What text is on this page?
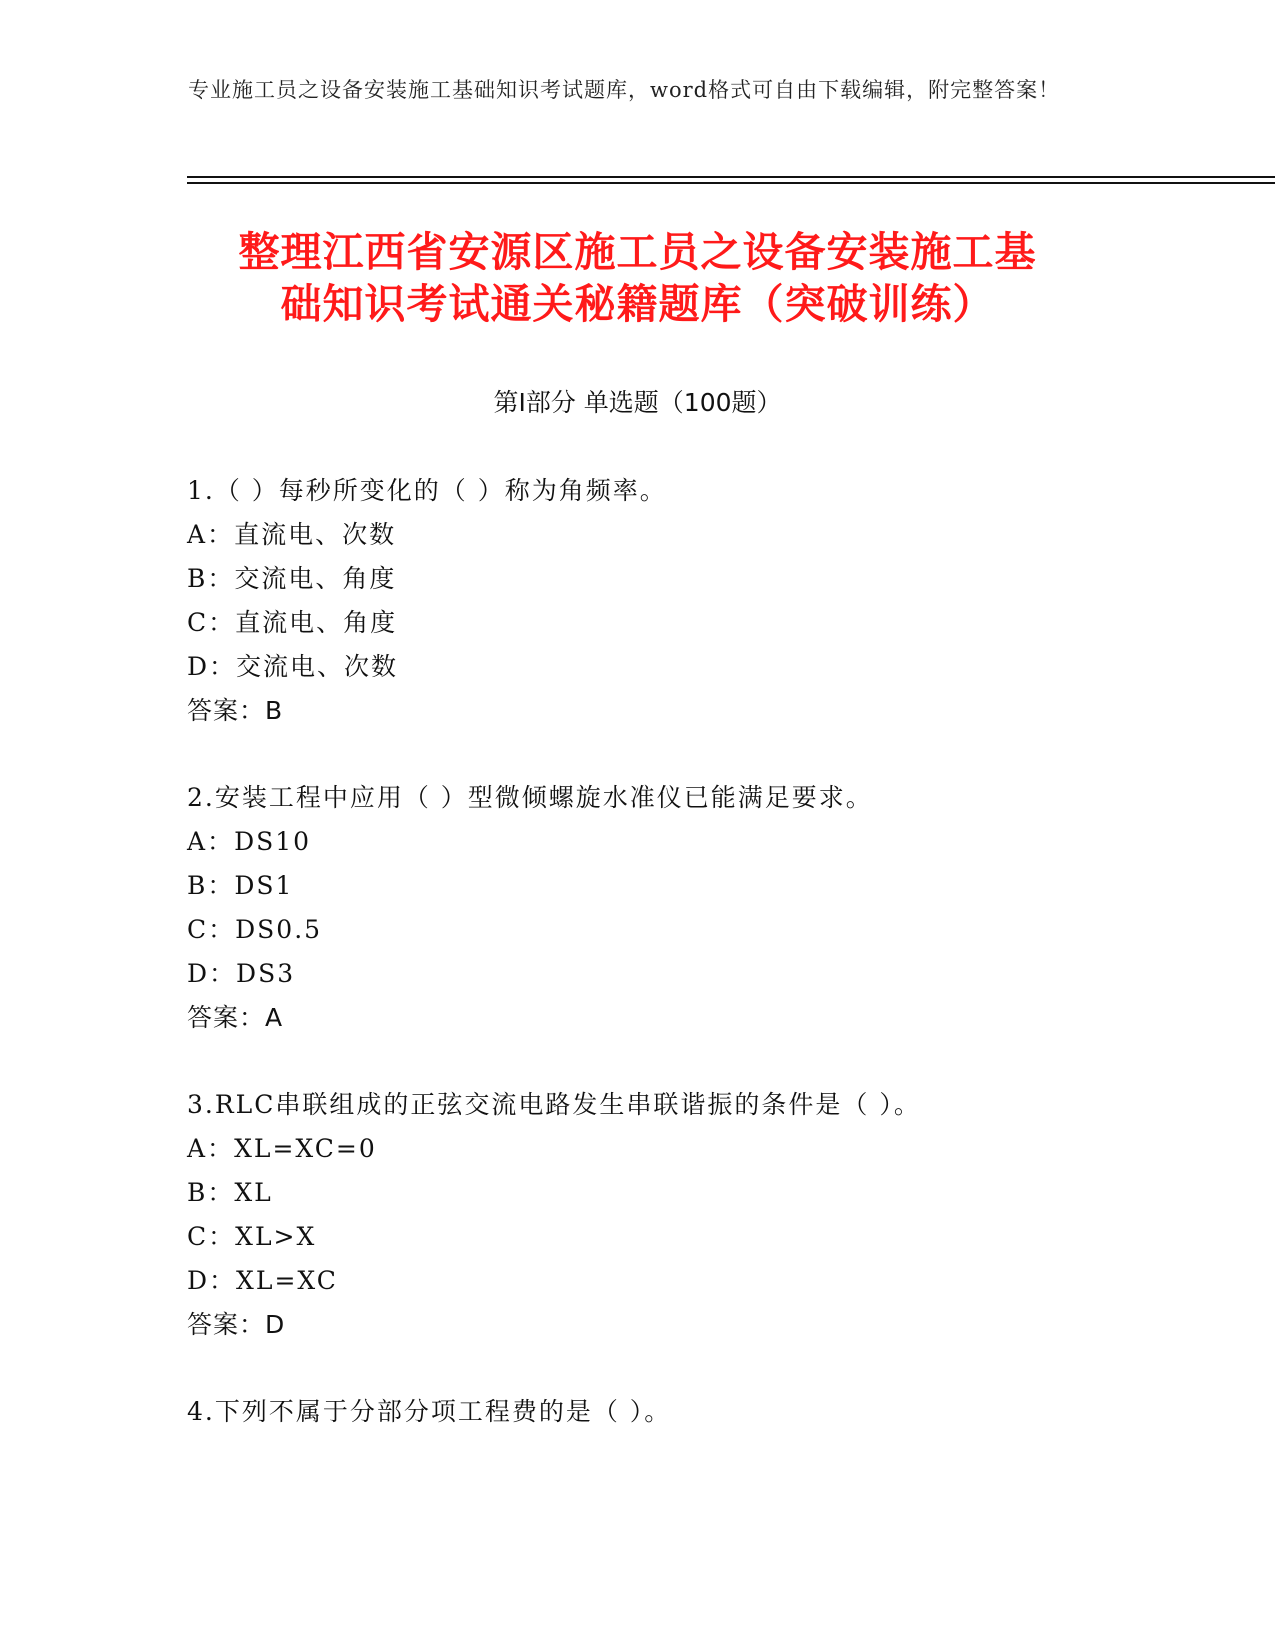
专业施工员之设备安装施工基础知识考试题库，word格式可自由下载编辑，附完整答案！
整理江西省安源区施工员之设备安装施工基
础知识考试通关秘籍题库（突破训练）
第Ⅰ部分 单选题（100题）
1.（ ）每秒所变化的（ ）称为角频率。
A：直流电、次数
B：交流电、角度
C：直流电、角度
D：交流电、次数
答案：B
2.安装工程中应用（ ）型微倾螺旋水准仪已能满足要求。
A：DS10
B：DS1
C：DS0.5
D：DS3
答案：A
3.RLC串联组成的正弦交流电路发生串联谐振的条件是（ ）。
A：XL=XC=0
B：XL
C：XL>X
D：XL=XC
答案：D
4.下列不属于分部分项工程费的是（ ）。
